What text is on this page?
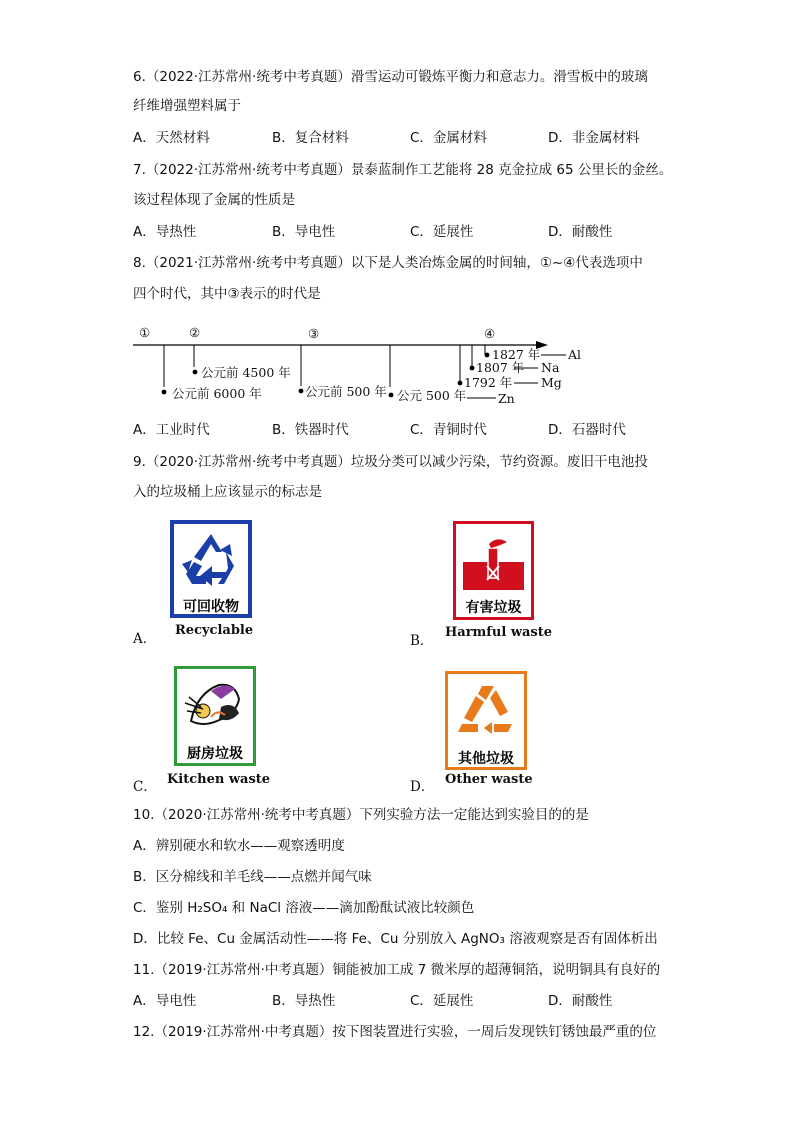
6.（2022·江苏常州·统考中考真题）滑雪运动可锻炼平衡力和意志力。滑雪板中的玻璃
纤维增强塑料属于
A．天然材料	B．复合材料	C．金属材料	D．非金属材料
7.（2022·江苏常州·统考中考真题）景泰蓝制作工艺能将 28 克金拉成 65 公里长的金丝。
该过程体现了金属的性质是
A．导热性	B．导电性	C．延展性	D．耐酸性
8.（2021·江苏常州·统考中考真题）以下是人类冶炼金属的时间轴，①~④代表选项中
四个时代，其中③表示的时代是
①	②	③	④
公元前 6000 年
公元前 4500 年
公元前 500 年 公元 500 年
1827 年 Al
1807 年 Na
1792 年 Mg
Zn
A．工业时代	B．铁器时代	C．青铜时代	D．石器时代
9.（2020·江苏常州·统考中考真题）垃圾分类可以减少污染，节约资源。废旧干电池投
入的垃圾桶上应该显示的标志是
可回收物
Recyclable
A．
有害垃圾
Harmful waste
B．
厨房垃圾
Kitchen waste
C．
其他垃圾
Other waste
D．
10.（2020·江苏常州·统考中考真题）下列实验方法一定能达到实验目的的是
A．辨别硬水和软水——观察透明度
B．区分棉线和羊毛线——点燃并闻气味
C．鉴别 H₂SO₄ 和 NaCl 溶液——滴加酚酞试液比较颜色
D．比较 Fe、Cu 金属活动性——将 Fe、Cu 分别放入 AgNO₃ 溶液观察是否有固体析出
11.（2019·江苏常州·中考真题）铜能被加工成 7 微米厚的超薄铜箔，说明铜具有良好的
A．导电性	B．导热性	C．延展性	D．耐酸性
12.（2019·江苏常州·中考真题）按下图装置进行实验，一周后发现铁钉锈蚀最严重的位
